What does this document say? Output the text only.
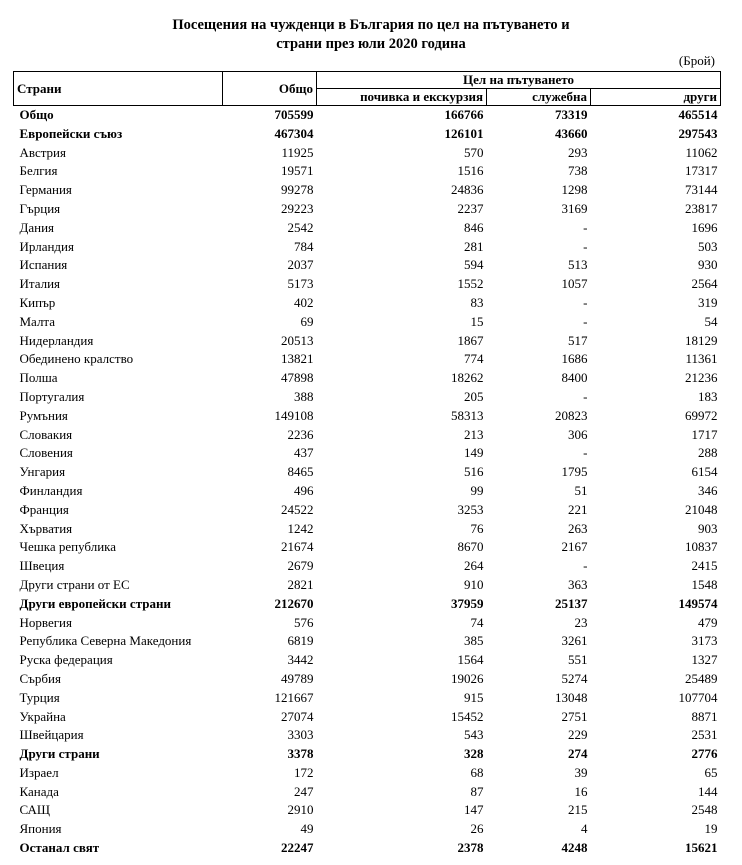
Посещения на чужденци в България по цел на пътуването и
страни през юли 2020 година
(Брой)
Страни	Общо	Цел на пътуването		
		почивка и екскурзия	служебна	други
Общо	705599	166766	73319	465514
Европейски съюз	467304	126101	43660	297543
Австрия	11925	570	293	11062
Белгия	19571	1516	738	17317
Германия	99278	24836	1298	73144
Гърция	29223	2237	3169	23817
Дания	2542	846	-	1696
Ирландия	784	281	-	503
Испания	2037	594	513	930
Италия	5173	1552	1057	2564
Кипър	402	83	-	319
Малта	69	15	-	54
Нидерландия	20513	1867	517	18129
Обединено кралство	13821	774	1686	11361
Полша	47898	18262	8400	21236
Португалия	388	205	-	183
Румъния	149108	58313	20823	69972
Словакия	2236	213	306	1717
Словения	437	149	-	288
Унгария	8465	516	1795	6154
Финландия	496	99	51	346
Франция	24522	3253	221	21048
Хърватия	1242	76	263	903
Чешка република	21674	8670	2167	10837
Швеция	2679	264	-	2415
Други страни от ЕС	2821	910	363	1548
Други европейски страни	212670	37959	25137	149574
Норвегия	576	74	23	479
Република Северна Македония	6819	385	3261	3173
Руска федерация	3442	1564	551	1327
Сърбия	49789	19026	5274	25489
Турция	121667	915	13048	107704
Украйна	27074	15452	2751	8871
Швейцария	3303	543	229	2531
Други страни	3378	328	274	2776
Израел	172	68	39	65
Канада	247	87	16	144
САЩ	2910	147	215	2548
Япония	49	26	4	19
Останал свят	22247	2378	4248	15621
